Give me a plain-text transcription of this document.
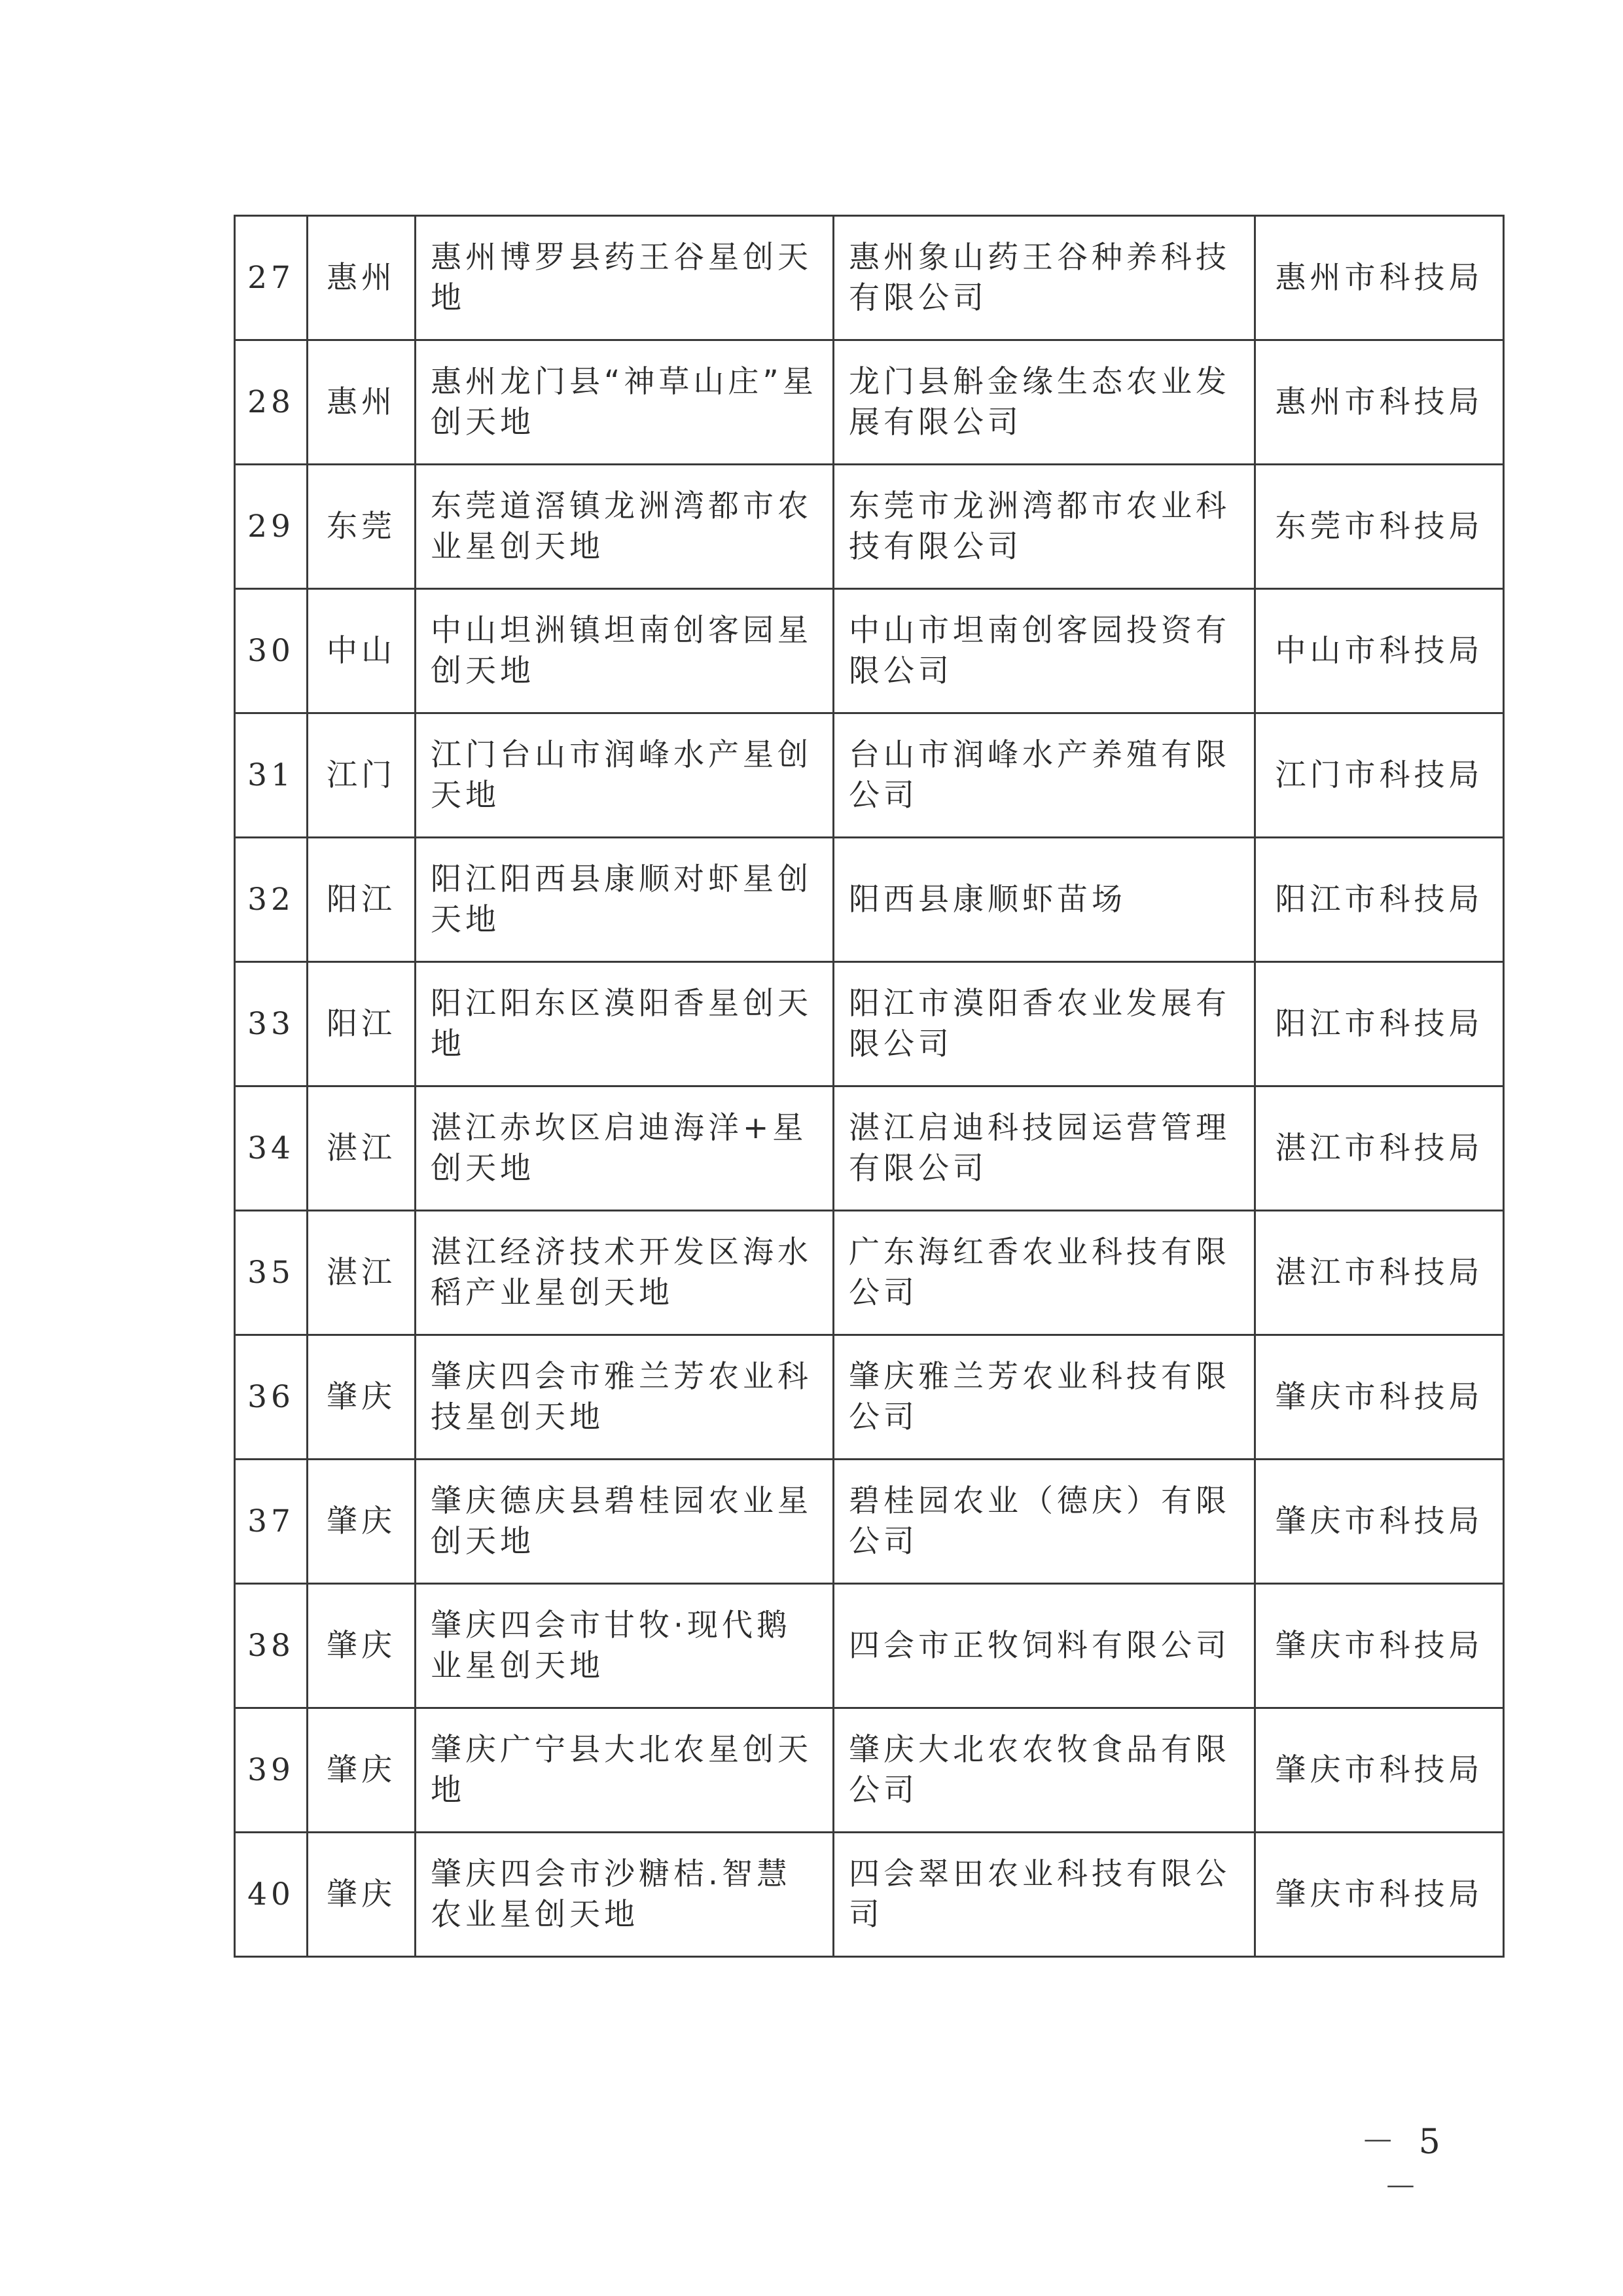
27	惠州	惠州博罗县药王谷星创天地	惠州象山药王谷种养科技有限公司	惠州市科技局

28	惠州	惠州龙门县“神草山庄”星创天地	龙门县斛金缘生态农业发展有限公司	惠州市科技局

29	东莞	东莞道滘镇龙洲湾都市农业星创天地	东莞市龙洲湾都市农业科技有限公司	东莞市科技局

30	中山	中山坦洲镇坦南创客园星创天地	中山市坦南创客园投资有限公司	中山市科技局

31	江门	江门台山市润峰水产星创天地	台山市润峰水产养殖有限公司	江门市科技局

32	阳江	阳江阳西县康顺对虾星创天地	阳西县康顺虾苗场	阳江市科技局

33	阳江	阳江阳东区漠阳香星创天地	阳江市漠阳香农业发展有限公司	阳江市科技局

34	湛江	湛江赤坎区启迪海洋+星创天地	湛江启迪科技园运营管理有限公司	湛江市科技局

35	湛江	湛江经济技术开发区海水稻产业星创天地	广东海红香农业科技有限公司	湛江市科技局

36	肇庆	肇庆四会市雅兰芳农业科技星创天地	肇庆雅兰芳农业科技有限公司	肇庆市科技局

37	肇庆	肇庆德庆县碧桂园农业星创天地	碧桂园农业（德庆）有限公司	肇庆市科技局

38	肇庆	肇庆四会市甘牧·现代鹅业星创天地	四会市正牧饲料有限公司	肇庆市科技局

39	肇庆	肇庆广宁县大北农星创天地	肇庆大北农农牧食品有限公司	肇庆市科技局

40	肇庆	肇庆四会市沙糖桔.智慧农业星创天地	四会翠田农业科技有限公司	肇庆市科技局
－ 5 －
